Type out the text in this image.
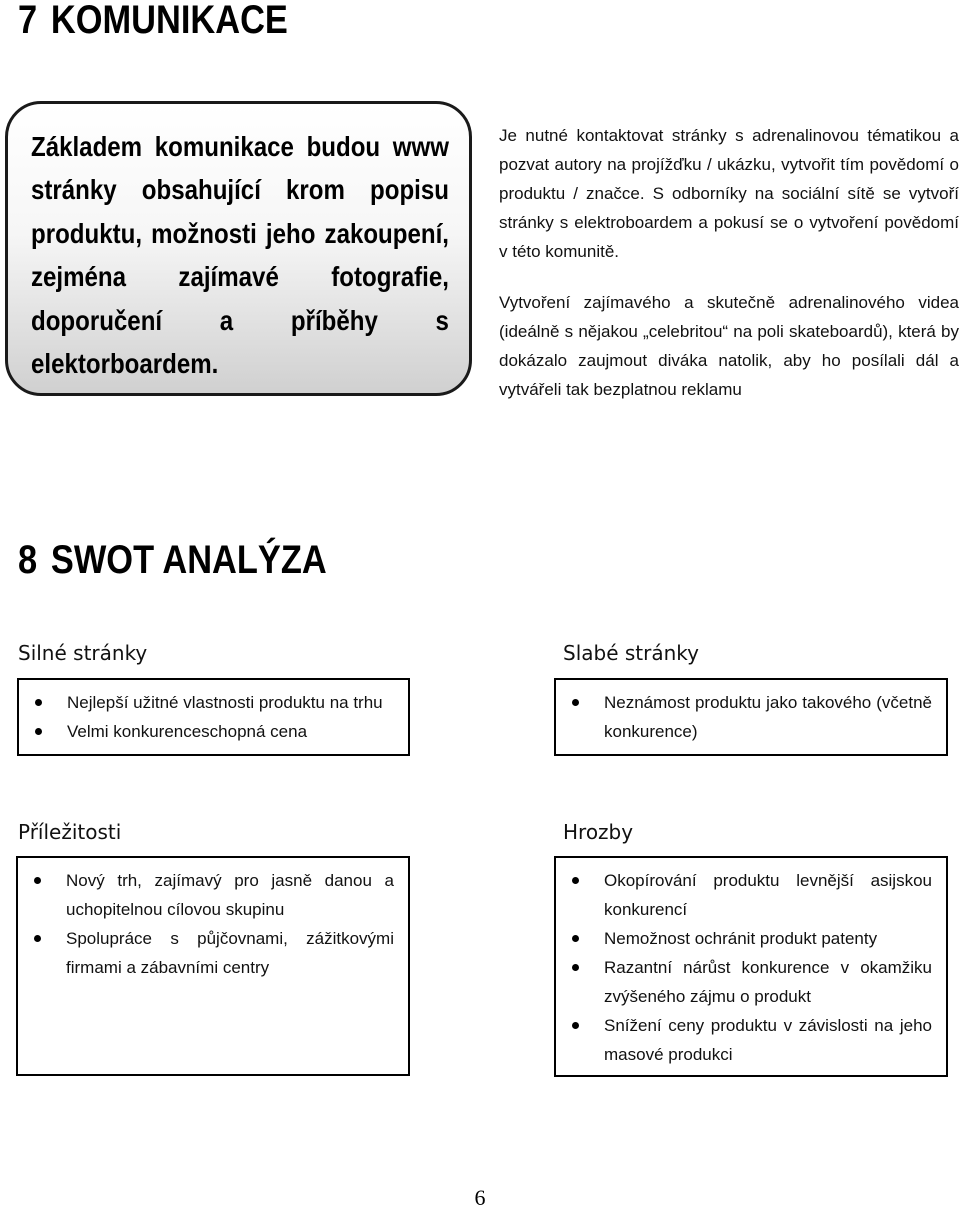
7 KOMUNIKACE
Základem komunikace budou www stránky obsahující krom popisu produktu, možnosti jeho zakoupení, zejména zajímavé fotografie, doporučení a příběhy s elektorboardem.
Je nutné kontaktovat stránky s adrenalinovou tématikou a pozvat autory na projížďku / ukázku, vytvořit tím povědomí o produktu / značce. S odborníky na sociální sítě se vytvoří stránky s elektroboardem a pokusí se o vytvoření povědomí v této komunitě.
Vytvoření zajímavého a skutečně adrenalinového videa (ideálně s nějakou „celebritou“ na poli skateboardů), která by dokázalo zaujmout diváka natolik, aby ho posílali dál a vytvářeli tak bezplatnou reklamu
8 SWOT ANALÝZA
Silné stránky
Nejlepší užitné vlastnosti produktu na trhu
Velmi konkurenceschopná cena
Slabé stránky
Neznámost produktu jako takového (včetně konkurence)
Příležitosti
Nový trh, zajímavý pro jasně danou a uchopitelnou cílovou skupinu
Spolupráce s půjčovnami, zážitkovými firmami a zábavními centry
Hrozby
Okopírování produktu levnější asijskou konkurencí
Nemožnost ochránit produkt patenty
Razantní nárůst konkurence v okamžiku zvýšeného zájmu o produkt
Snížení ceny produktu v závislosti na jeho masové produkci
6
